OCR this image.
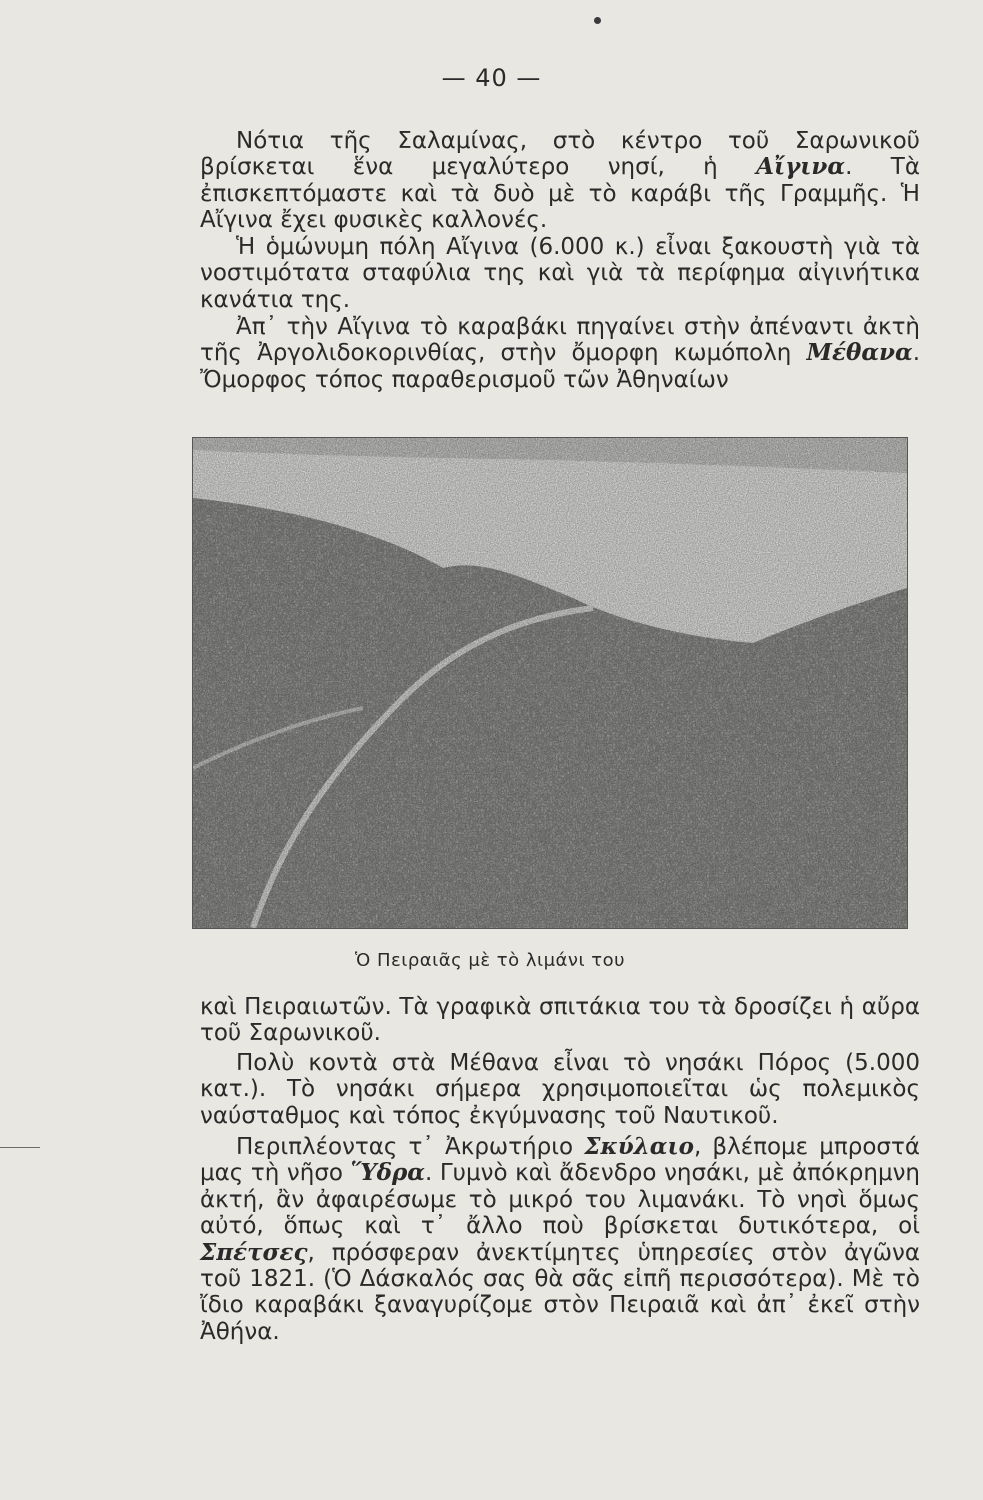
— 40 —

Νότια τῆς Σαλαμίνας, στὸ κέντρο τοῦ Σαρωνικοῦ βρίσκεται ἕνα μεγαλύτερο νησί, ἡ Αἴγινα. Τὰ ἐπισκεπτόμαστε καὶ τὰ δυὸ μὲ τὸ καράβι τῆς Γραμμῆς. Ἡ Αἴγινα ἔχει φυσικὲς καλλονές.

Ἡ ὁμώνυμη πόλη Αἴγινα (6.000 κ.) εἶναι ξακουστὴ γιὰ τὰ νοστιμότατα σταφύλια της καὶ γιὰ τὰ περίφημα αἰγινήτικα κανάτια της.

Ἀπ᾽ τὴν Αἴγινα τὸ καραβάκι πηγαίνει στὴν ἀπέναντι ἀκτὴ τῆς Ἀργολιδοκορινθίας, στὴν ὄμορφη κωμόπολη Μέθανα. Ὄμορφος τόπος παραθερισμοῦ τῶν Ἀθηναίων

Ὁ Πειραιᾶς μὲ τὸ λιμάνι του

καὶ Πειραιωτῶν. Τὰ γραφικὰ σπιτάκια του τὰ δροσίζει ἡ αὔρα τοῦ Σαρωνικοῦ.

Πολὺ κοντὰ στὰ Μέθανα εἶναι τὸ νησάκι Πόρος (5.000 κατ.). Τὸ νησάκι σήμερα χρησιμοποιεῖται ὡς πολεμικὸς ναύσταθμος καὶ τόπος ἐκγύμνασης τοῦ Ναυτικοῦ.

Περιπλέοντας τ᾽ Ἀκρωτήριο Σκύλαιο, βλέπομε μπροστά μας τὴ νῆσο Ὕδρα. Γυμνὸ καὶ ἄδενδρο νησάκι, μὲ ἀπόκρημνη ἀκτή, ἂν ἀφαιρέσωμε τὸ μικρό του λιμανάκι. Τὸ νησὶ ὅμως αὐτό, ὅπως καὶ τ᾽ ἄλλο ποὺ βρίσκεται δυτικότερα, οἱ Σπέτσες, πρόσφεραν ἀνεκτίμητες ὑπηρεσίες στὸν ἀγῶνα τοῦ 1821. (Ὁ Δάσκαλός σας θὰ σᾶς εἰπῆ περισσότερα). Μὲ τὸ ἴδιο καραβάκι ξαναγυρίζομε στὸν Πειραιᾶ καὶ ἀπ᾽ ἐκεῖ στὴν Ἀθήνα.
